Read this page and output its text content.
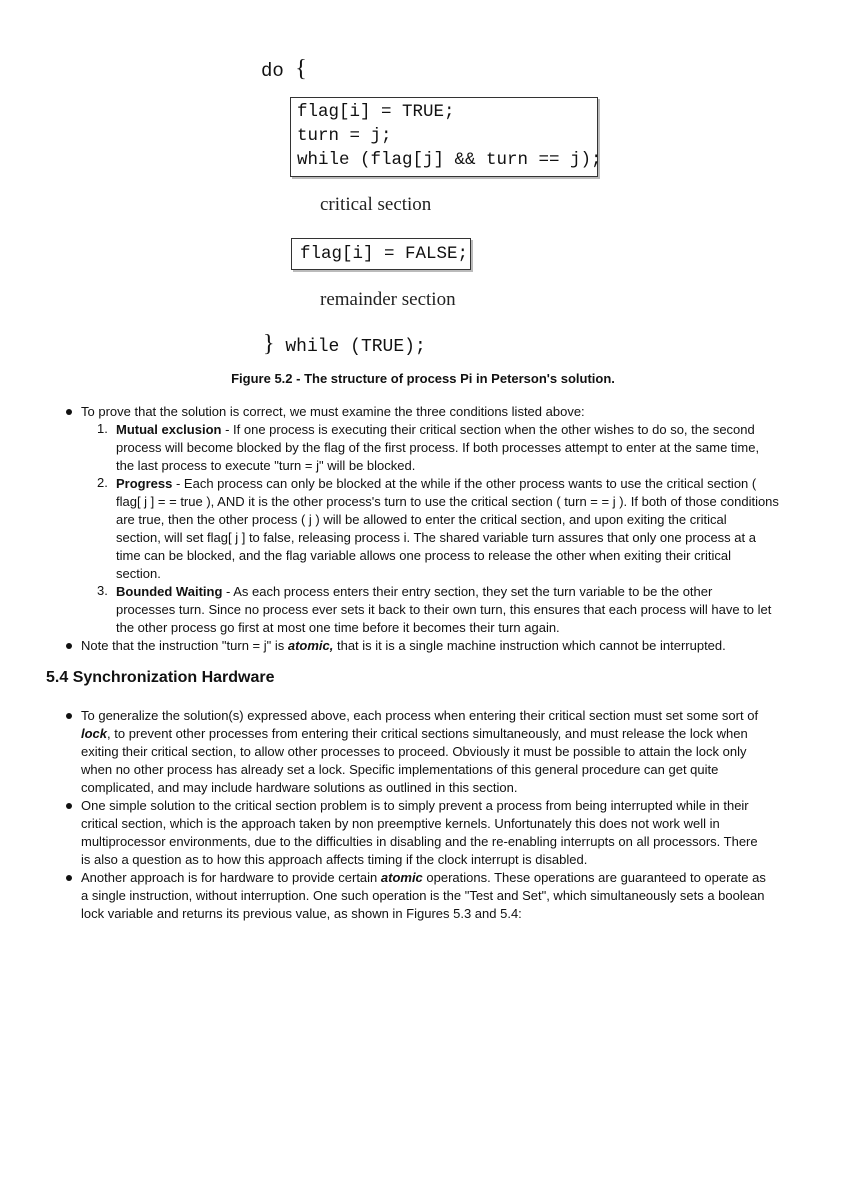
do {
flag[i] = TRUE;
turn = j;
while (flag[j] && turn == j);
critical section
flag[i] = FALSE;
remainder section
} while (TRUE);
Figure 5.2 - The structure of process Pi in Peterson's solution.
To prove that the solution is correct, we must examine the three conditions listed above:
1. Mutual exclusion - If one process is executing their critical section when the other wishes to do so, the second
process will become blocked by the flag of the first process. If both processes attempt to enter at the same time,
the last process to execute "turn = j" will be blocked.
2. Progress - Each process can only be blocked at the while if the other process wants to use the critical section (
flag[ j ] = = true ), AND it is the other process's turn to use the critical section ( turn = = j ). If both of those conditions
are true, then the other process ( j ) will be allowed to enter the critical section, and upon exiting the critical
section, will set flag[ j ] to false, releasing process i. The shared variable turn assures that only one process at a
time can be blocked, and the flag variable allows one process to release the other when exiting their critical
section.
3. Bounded Waiting - As each process enters their entry section, they set the turn variable to be the other
processes turn. Since no process ever sets it back to their own turn, this ensures that each process will have to let
the other process go first at most one time before it becomes their turn again.
Note that the instruction "turn = j" is atomic, that is it is a single machine instruction which cannot be interrupted.
5.4 Synchronization Hardware
To generalize the solution(s) expressed above, each process when entering their critical section must set some sort of
lock, to prevent other processes from entering their critical sections simultaneously, and must release the lock when
exiting their critical section, to allow other processes to proceed. Obviously it must be possible to attain the lock only
when no other process has already set a lock. Specific implementations of this general procedure can get quite
complicated, and may include hardware solutions as outlined in this section.
One simple solution to the critical section problem is to simply prevent a process from being interrupted while in their
critical section, which is the approach taken by non preemptive kernels. Unfortunately this does not work well in
multiprocessor environments, due to the difficulties in disabling and the re-enabling interrupts on all processors. There
is also a question as to how this approach affects timing if the clock interrupt is disabled.
Another approach is for hardware to provide certain atomic operations. These operations are guaranteed to operate as
a single instruction, without interruption. One such operation is the "Test and Set", which simultaneously sets a boolean
lock variable and returns its previous value, as shown in Figures 5.3 and 5.4:
